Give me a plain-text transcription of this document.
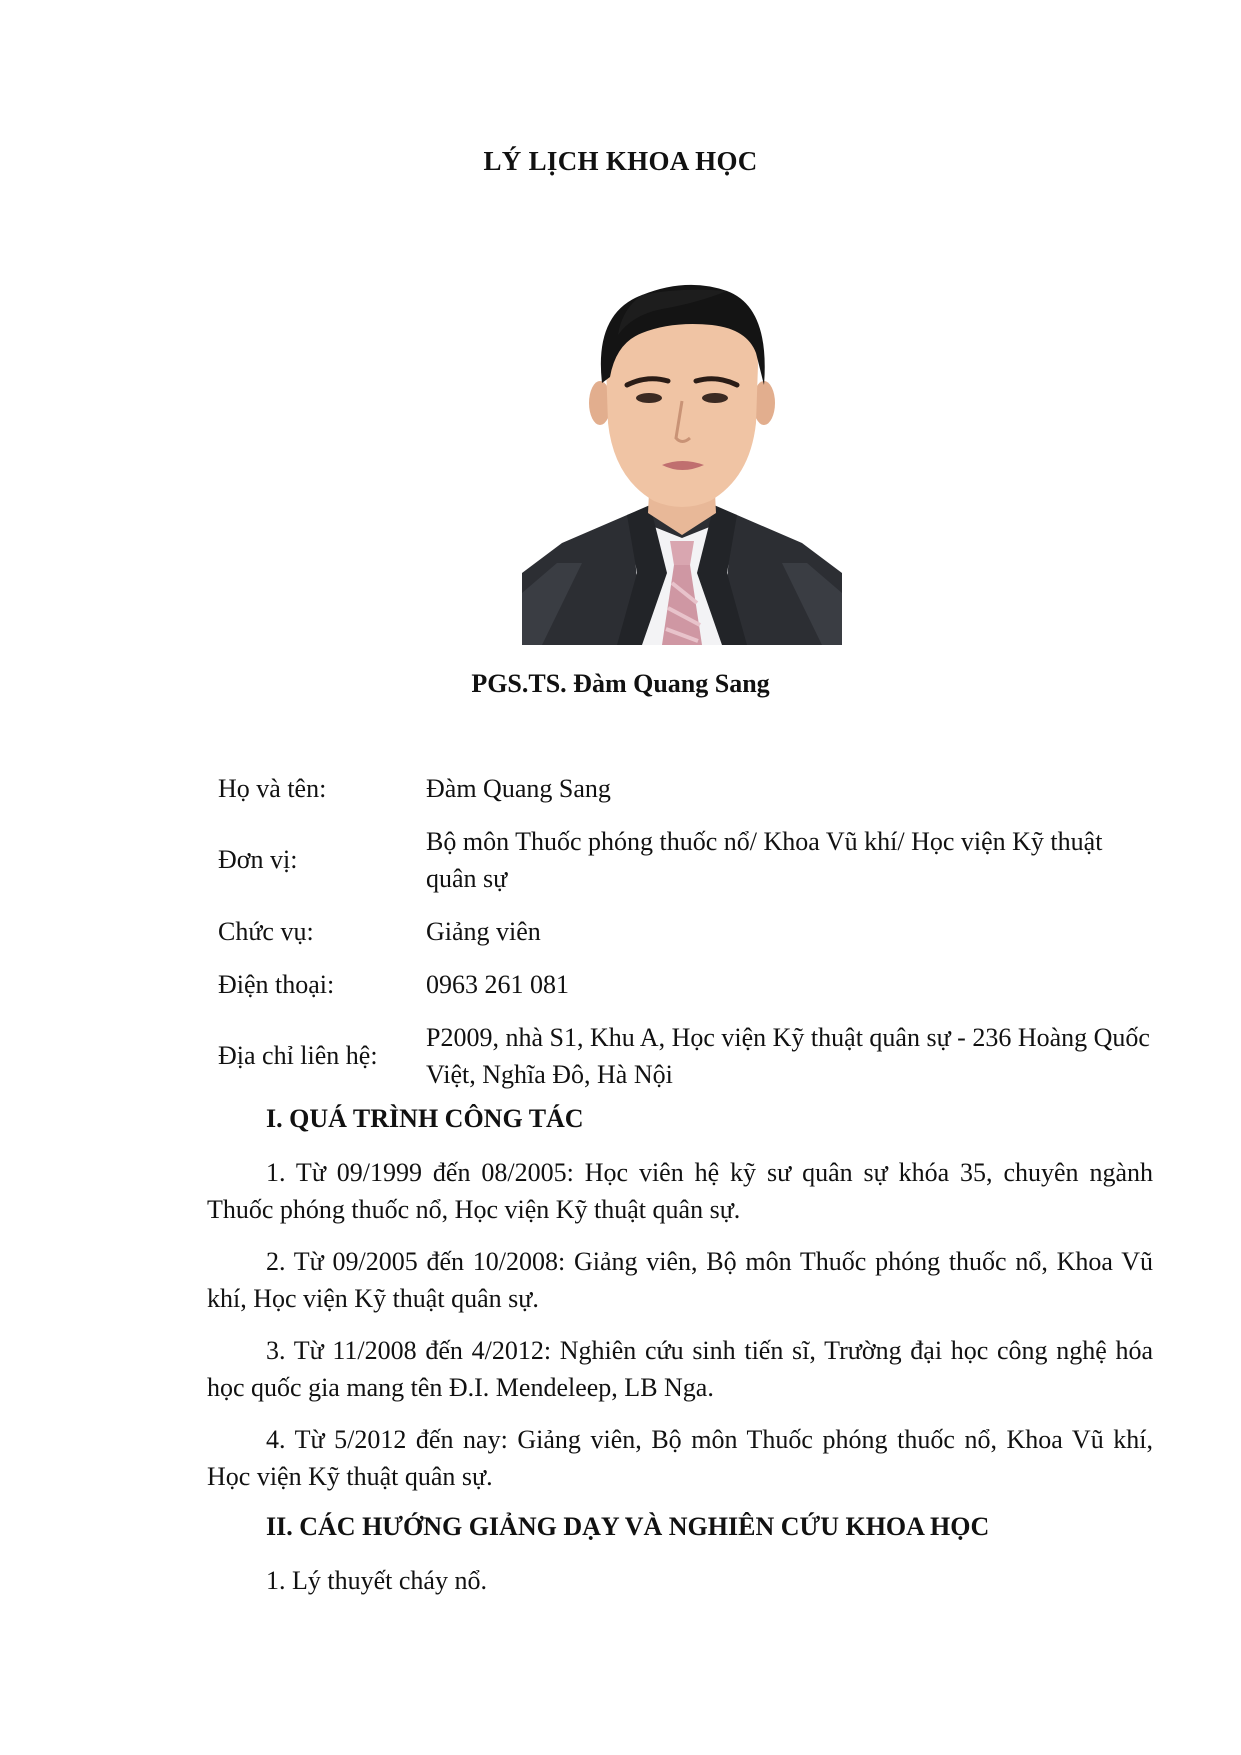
LÝ LỊCH KHOA HỌC
PGS.TS. Đàm Quang Sang
Họ và tên:	Đàm Quang Sang
Đơn vị:
Bộ môn Thuốc phóng thuốc nổ/ Khoa Vũ khí/ Học viện Kỹ thuật quân sự
Chức vụ:	Giảng viên
Điện thoại:	0963 261 081
Địa chỉ liên hệ:
P2009, nhà S1, Khu A, Học viện Kỹ thuật quân sự - 236 Hoàng Quốc Việt, Nghĩa Đô, Hà Nội
I. QUÁ TRÌNH CÔNG TÁC
1. Từ 09/1999 đến 08/2005: Học viên hệ kỹ sư quân sự khóa 35, chuyên ngành Thuốc phóng thuốc nổ, Học viện Kỹ thuật quân sự.
2. Từ 09/2005 đến 10/2008: Giảng viên, Bộ môn Thuốc phóng thuốc nổ, Khoa Vũ khí, Học viện Kỹ thuật quân sự.
3. Từ 11/2008 đến 4/2012: Nghiên cứu sinh tiến sĩ, Trường đại học công nghệ hóa học quốc gia mang tên Đ.I. Mendeleep, LB Nga.
4. Từ 5/2012 đến nay: Giảng viên, Bộ môn Thuốc phóng thuốc nổ, Khoa Vũ khí, Học viện Kỹ thuật quân sự.
II. CÁC HƯỚNG GIẢNG DẠY VÀ NGHIÊN CỨU KHOA HỌC
1. Lý thuyết cháy nổ.
